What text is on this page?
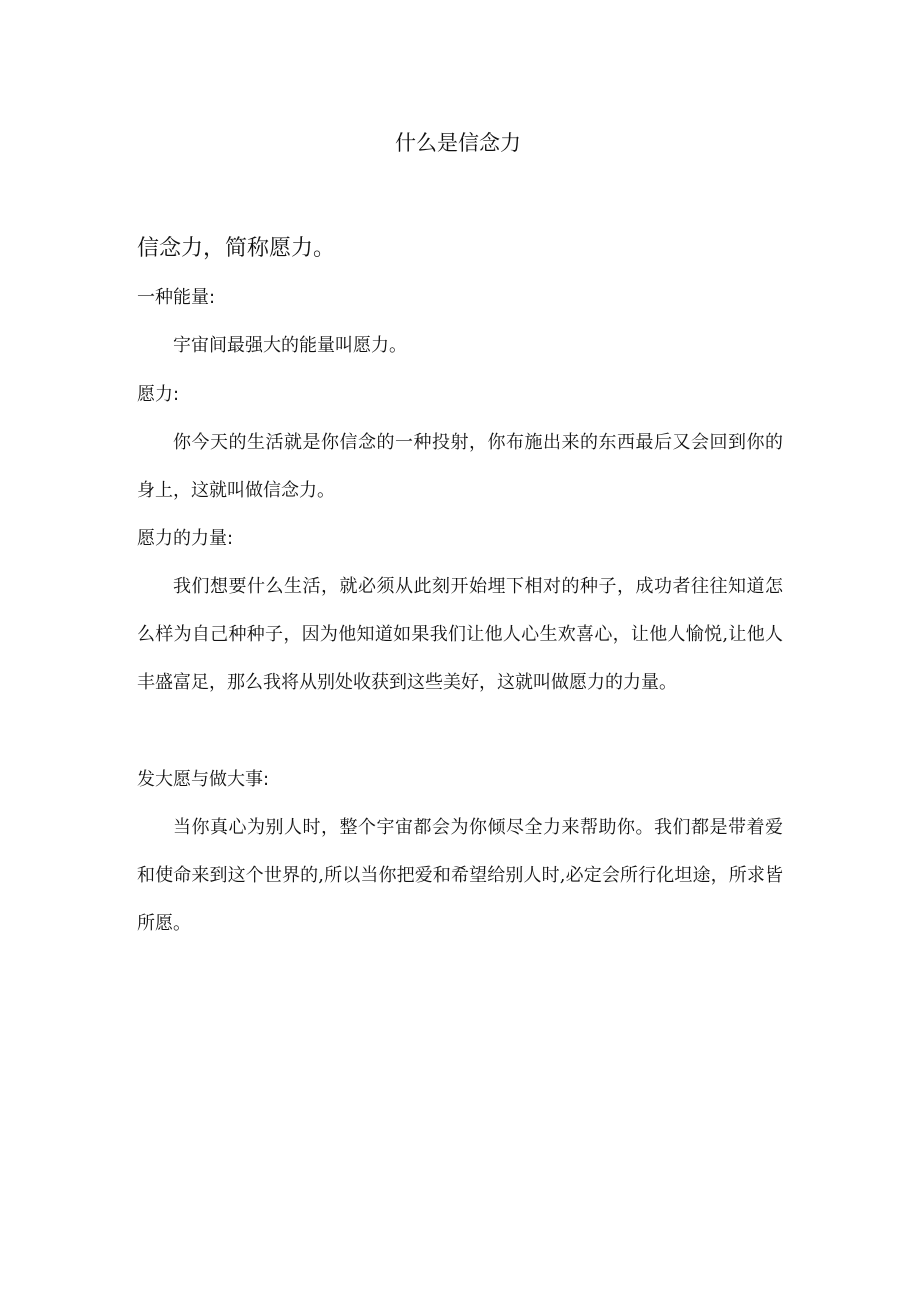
什么是信念力
信念力，简称愿力。
一种能量:

宇宙间最强大的能量叫愿力。

愿力:

你今天的生活就是你信念的一种投射，你布施出来的东西最后又会回到你的身上，这就叫做信念力。

愿力的力量:

我们想要什么生活，就必须从此刻开始埋下相对的种子，成功者往往知道怎么样为自己种种子，因为他知道如果我们让他人心生欢喜心，让他人愉悦,让他人丰盛富足，那么我将从别处收获到这些美好，这就叫做愿力的力量。

发大愿与做大事:

当你真心为别人时，整个宇宙都会为你倾尽全力来帮助你。我们都是带着爱和使命来到这个世界的,所以当你把爱和希望给别人时,必定会所行化坦途，所求皆所愿。
